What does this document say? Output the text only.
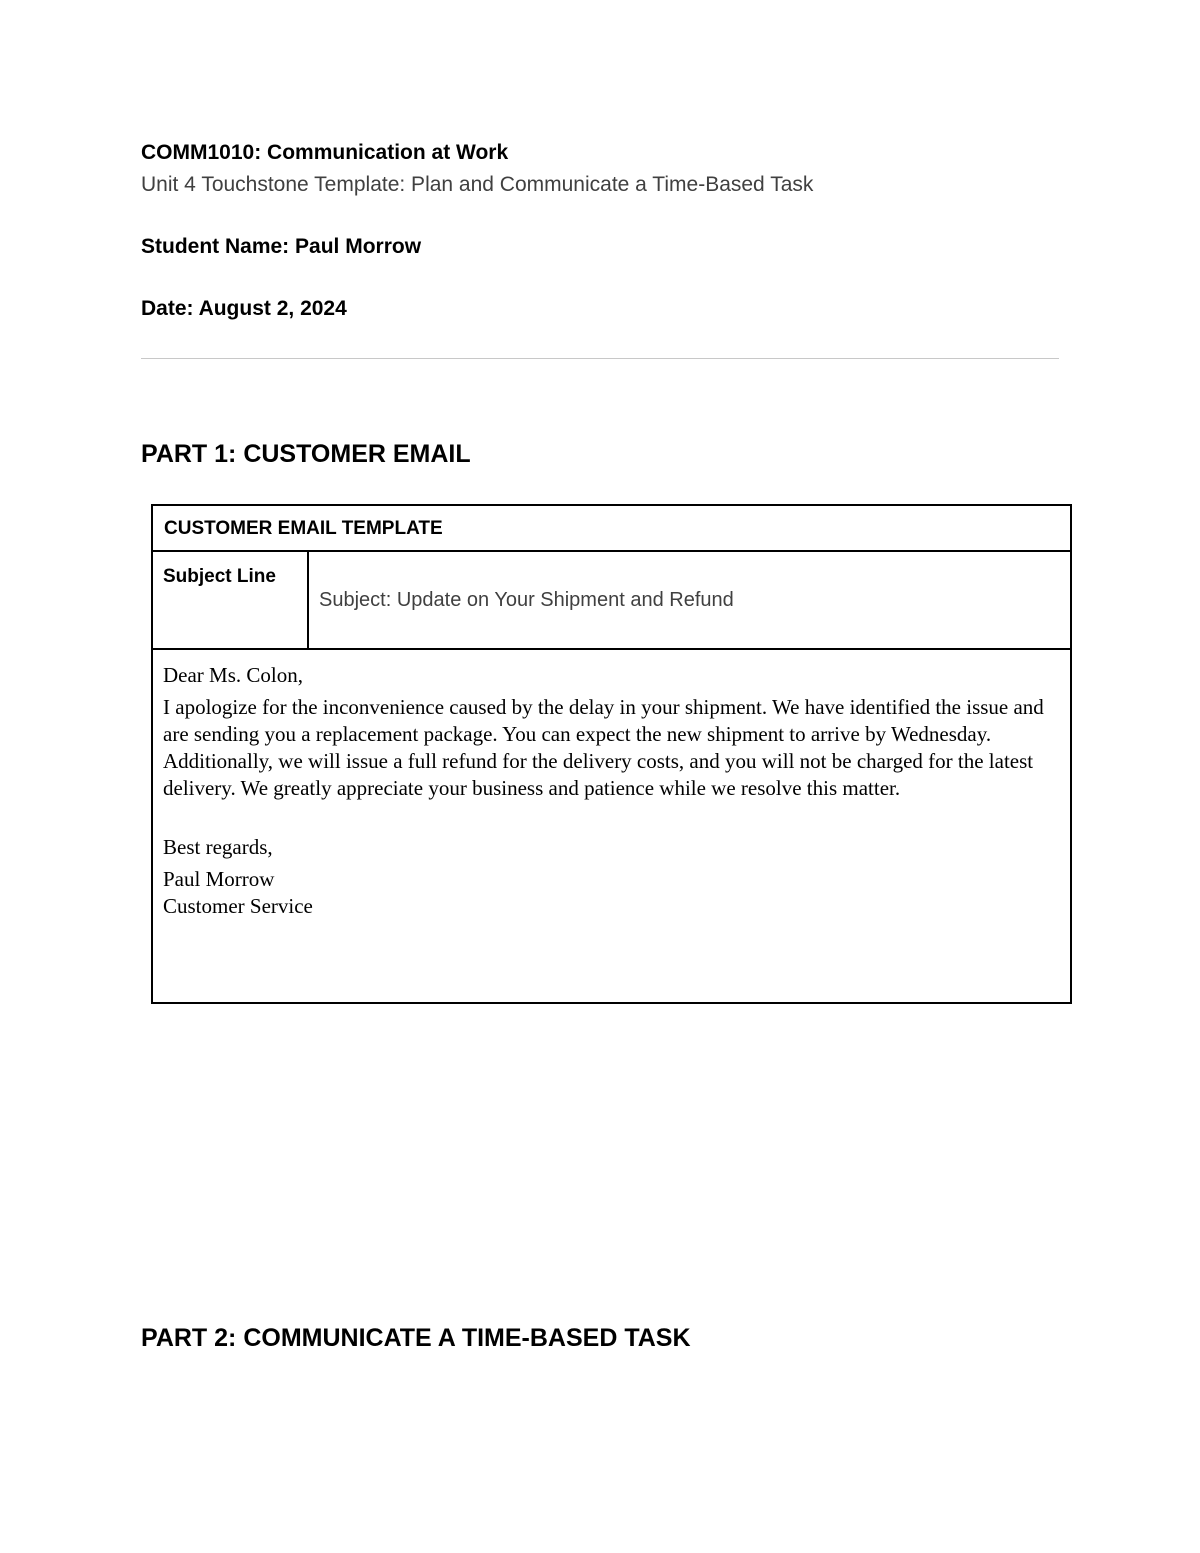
COMM1010: Communication at Work
Unit 4 Touchstone Template: Plan and Communicate a Time-Based Task
Student Name: Paul Morrow
Date: August 2, 2024
PART 1: CUSTOMER EMAIL
CUSTOMER EMAIL TEMPLATE
Subject Line
Subject: Update on Your Shipment and Refund
Dear Ms. Colon,
I apologize for the inconvenience caused by the delay in your shipment. We have identified the issue and are sending you a replacement package. You can expect the new shipment to arrive by Wednesday. Additionally, we will issue a full refund for the delivery costs, and you will not be charged for the latest delivery. We greatly appreciate your business and patience while we resolve this matter.
Best regards,
Paul Morrow
Customer Service
PART 2: COMMUNICATE A TIME-BASED TASK
